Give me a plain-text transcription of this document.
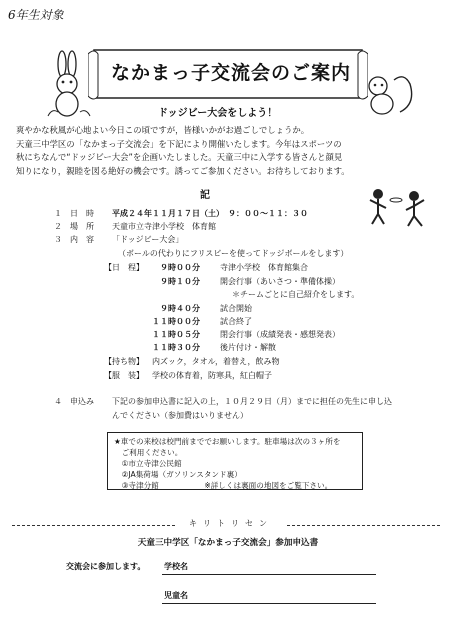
6年生対象
なかまっ子交流会のご案内
ドッジビー大会をしよう！

爽やかな秋風が心地よい今日この頃ですが，皆様いかがお過ごしでしょうか。

天童三中学区の「なかまっ子交流会」を下記により開催いたします。今年はスポーツの

秋にちなんで“ドッジビー大会”を企画いたしました。天童三中に入学する皆さんと顔見

知りになり，親睦を図る絶好の機会です。誘ってご参加ください。お待ちしております。

記
１ 日　時 平成２４年１１月１７日（土）　９：００～１１：３０
２ 場　所 天童市立寺津小学校　体育館
３ 内　容 「ドッジビー大会」
（ボールの代わりにフリスビーを使ってドッジボールをします）
【日　程】 ９時００分	寺津小学校　体育館集合
９時１０分	開会行事（あいさつ・準備体操）
＊チームごとに自己紹介をします。
９時４０分	試合開始
１１時００分	試合終了
１１時０５分	閉会行事（成績発表・感想発表）
１１時３０分	後片付け・解散
【持ち物】 内ズック，タオル，着替え，飲み物
【服　装】 学校の体育着，防寒具，紅白帽子
４ 申込み 下記の参加申込書に記入の上，１０月２９日（月）までに担任の先生に申し込
んでください（参加費はいりません）

★車での来校は校門前まででお願いします。駐車場は次の３ヶ所を

　ご利用ください。

　①市立寺津公民館

　②JA集荷場（ガソリンスタンド裏）

　③寺津分館　　　　　　※詳しくは裏面の地図をご覧下さい。

キリトリセン
天童三中学区「なかまっ子交流会」参加申込書
交流会に参加します。 学校名
児童名
